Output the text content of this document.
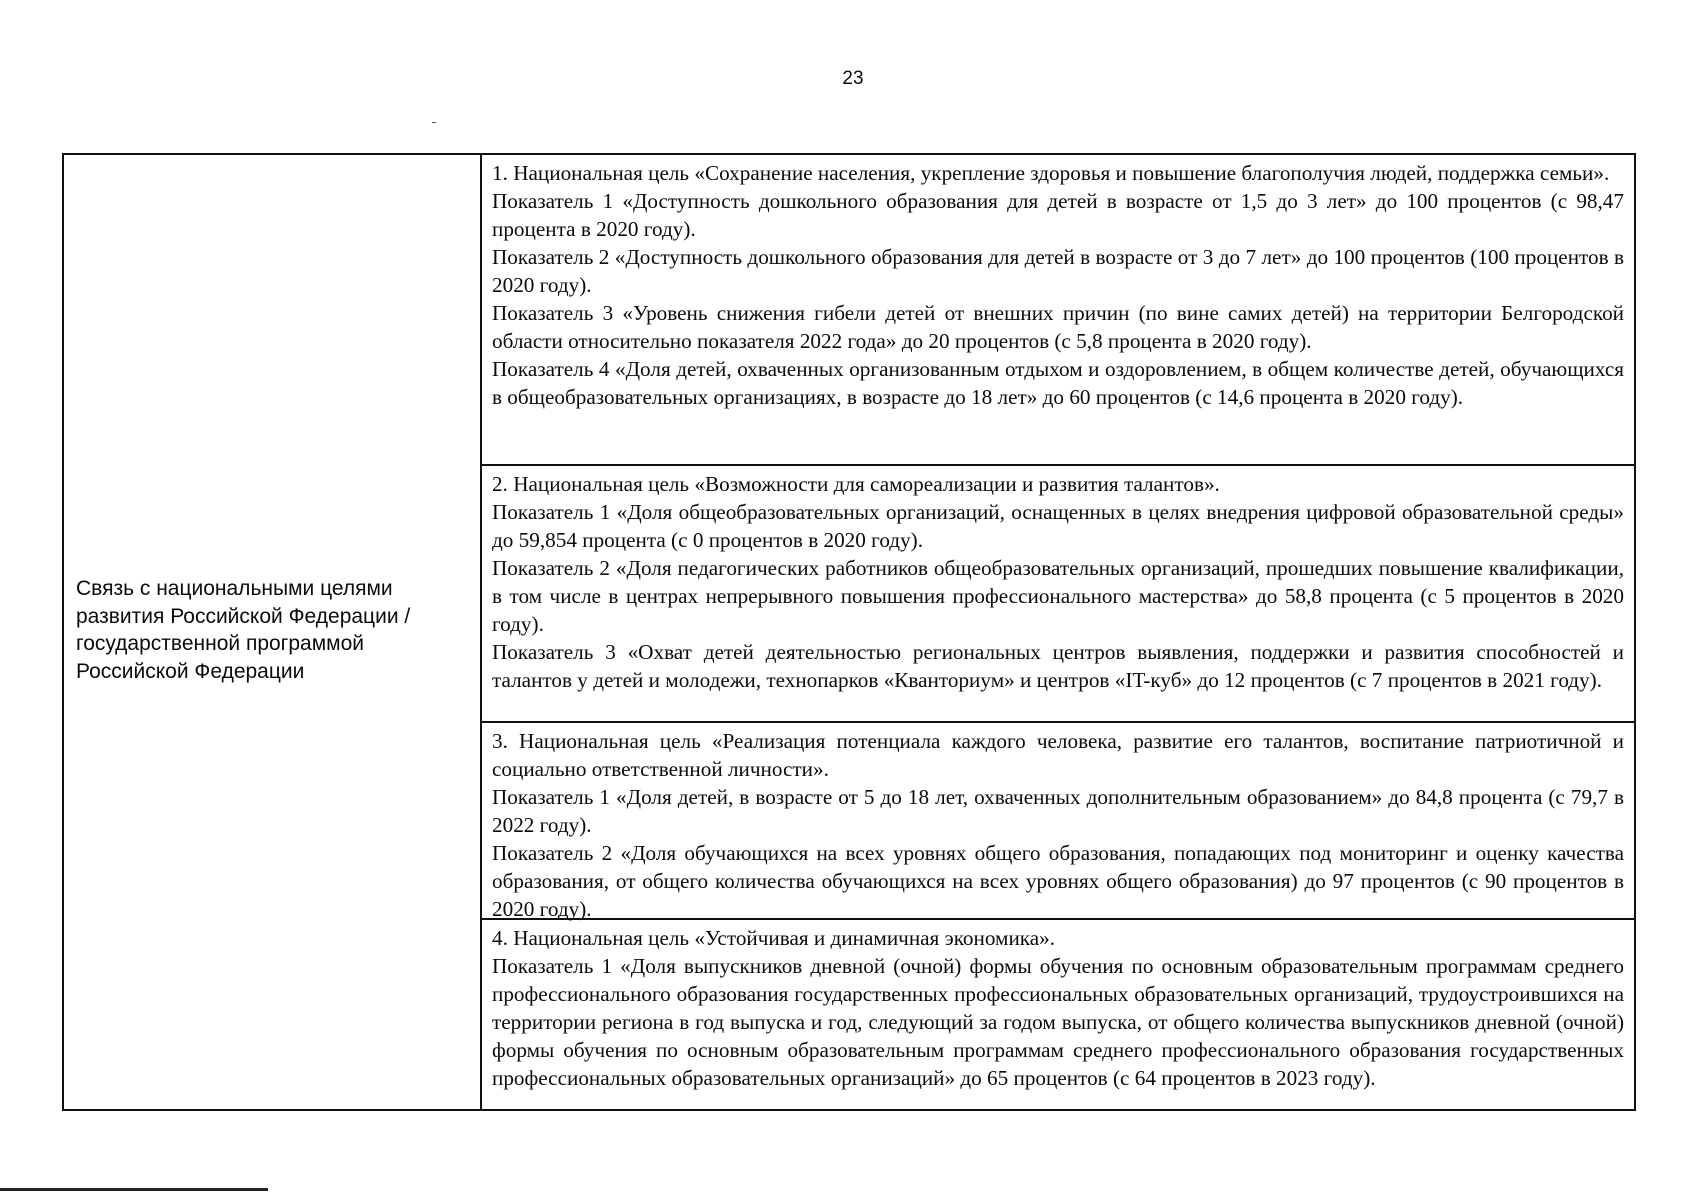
23
Связь с национальными целями
развития Российской Федерации /
государственной программой
Российской Федерации

1. Национальная цель «Сохранение населения, укрепление здоровья и повышение благополучия людей, поддержка семьи».

Показатель 1 «Доступность дошкольного образования для детей в возрасте от 1,5 до 3 лет» до 100 процентов (с 98,47 процента в 2020 году).

Показатель 2 «Доступность дошкольного образования для детей в возрасте от 3 до 7 лет» до 100 процентов (100 процентов в 2020 году).

Показатель 3 «Уровень снижения гибели детей от внешних причин (по вине самих детей) на территории Белгородской области относительно показателя 2022 года» до 20 процентов (с 5,8 процента в 2020 году).

Показатель 4 «Доля детей, охваченных организованным отдыхом и оздоровлением, в общем количестве детей, обучающихся в общеобразовательных организациях, в возрасте до 18 лет» до 60 процентов (с 14,6 процента в 2020 году).

2. Национальная цель «Возможности для самореализации и развития талантов».

Показатель 1 «Доля общеобразовательных организаций, оснащенных в целях внедрения цифровой образовательной среды» до 59,854 процента (с 0 процентов в 2020 году).

Показатель 2 «Доля педагогических работников общеобразовательных организаций, прошедших повышение квалификации, в том числе в центрах непрерывного повышения профессионального мастерства» до 58,8 процента (с 5 процентов в 2020 году).

Показатель 3 «Охват детей деятельностью региональных центров выявления, поддержки и развития способностей и талантов у детей и молодежи, технопарков «Кванториум» и центров «IT-куб» до 12 процентов (с 7 процентов в 2021 году).

3. Национальная цель «Реализация потенциала каждого человека, развитие его талантов, воспитание патриотичной и социально ответственной личности».

Показатель 1 «Доля детей, в возрасте от 5 до 18 лет, охваченных дополнительным образованием» до 84,8 процента (с 79,7 в 2022 году).

Показатель 2 «Доля обучающихся на всех уровнях общего образования, попадающих под мониторинг и оценку качества образования, от общего количества обучающихся на всех уровнях общего образования) до 97 процентов (с 90 процентов в 2020 году).

4. Национальная цель «Устойчивая и динамичная экономика».

Показатель 1 «Доля выпускников дневной (очной) формы обучения по основным образовательным программам среднего профессионального образования государственных профессиональных образовательных организаций, трудоустроившихся на территории региона в год выпуска и год, следующий за годом выпуска, от общего количества выпускников дневной (очной) формы обучения по основным образовательным программам среднего профессионального образования государственных профессиональных образовательных организаций» до 65 процентов (с 64 процентов в 2023 году).
